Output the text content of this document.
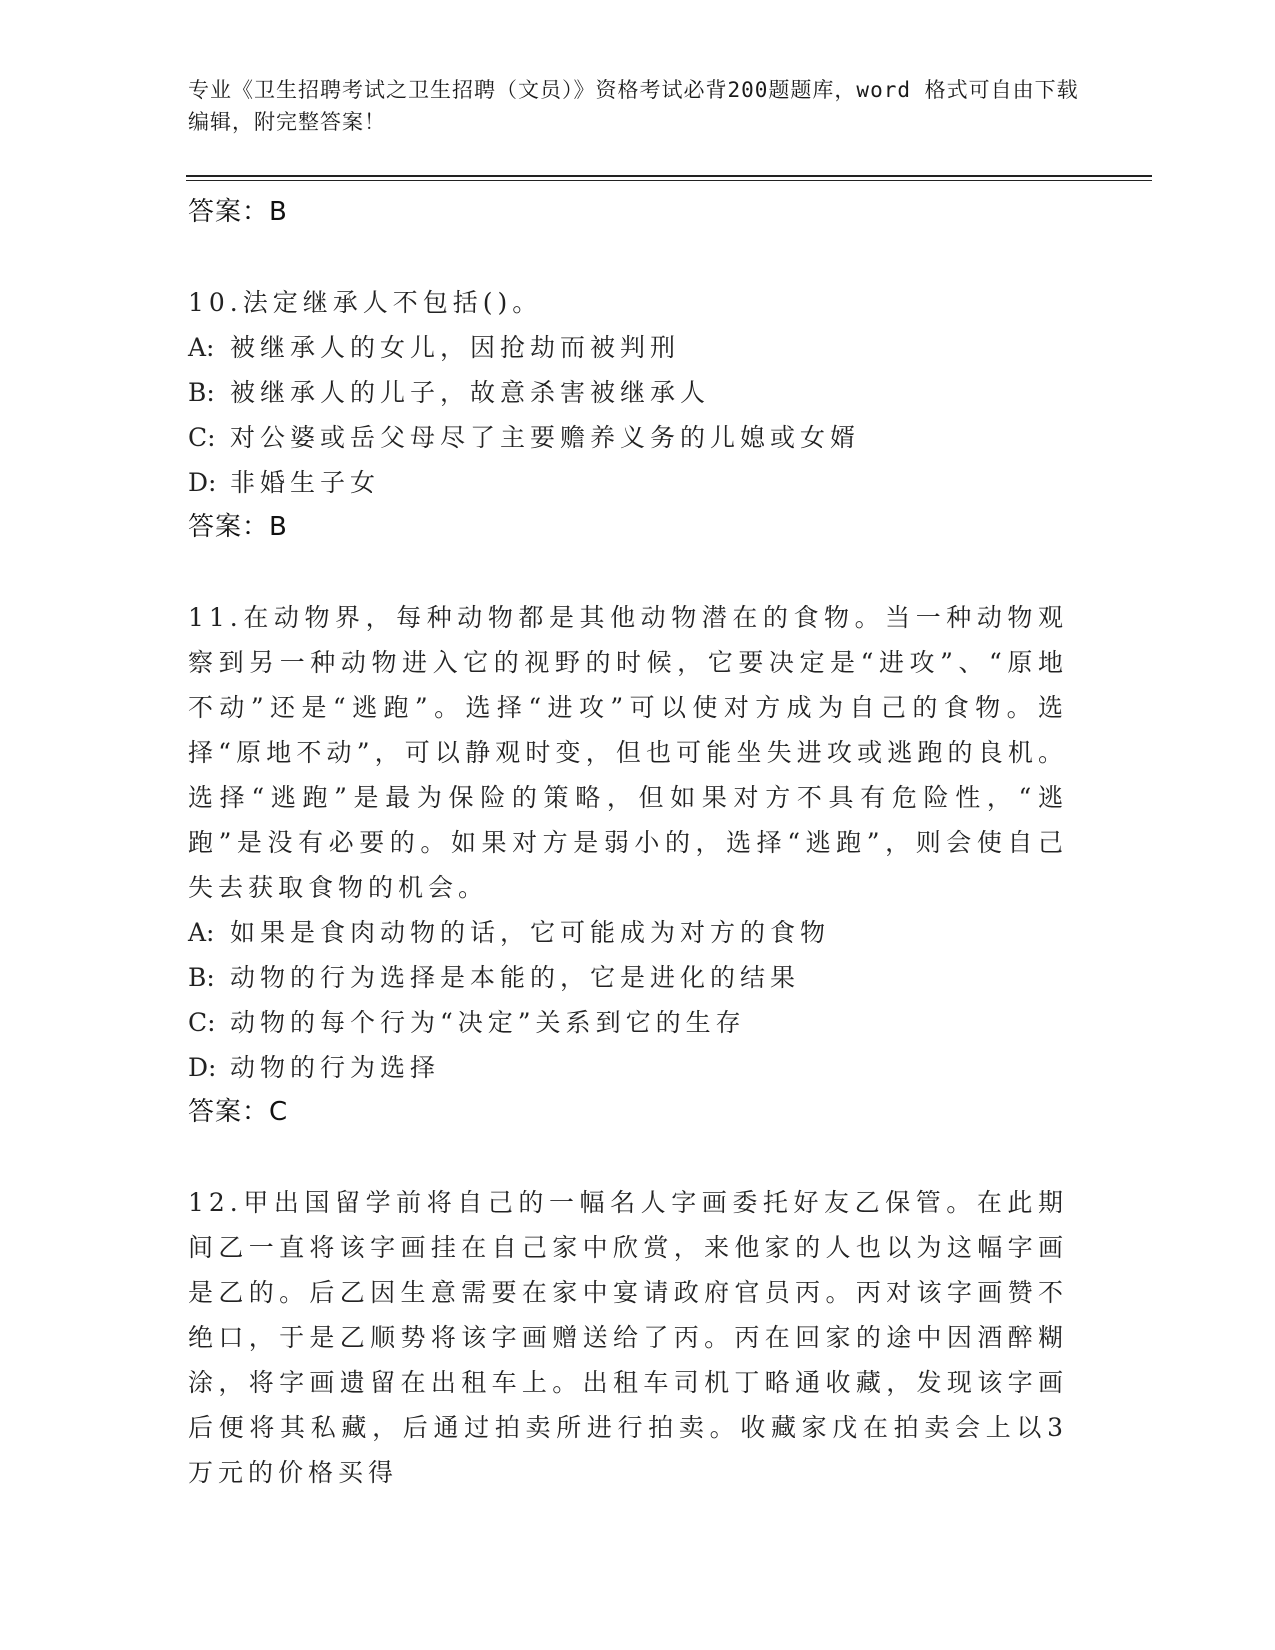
专业《卫生招聘考试之卫生招聘（文员）》资格考试必背200题题库，word 格式可自由下载编辑，附完整答案！
答案：B
10.法定继承人不包括()。
A: 被继承人的女儿，因抢劫而被判刑
B: 被继承人的儿子，故意杀害被继承人
C: 对公婆或岳父母尽了主要赡养义务的儿媳或女婿
D: 非婚生子女
答案：B
11.在动物界，每种动物都是其他动物潜在的食物。当一种动物观察到另一种动物进入它的视野的时候，它要决定是“进攻”、“原地不动”还是“逃跑”。选择“进攻”可以使对方成为自己的食物。选择“原地不动”，可以静观时变，但也可能坐失进攻或逃跑的良机。选择“逃跑”是最为保险的策略，但如果对方不具有危险性，“逃跑”是没有必要的。如果对方是弱小的，选择“逃跑”，则会使自己失去获取食物的机会。
A: 如果是食肉动物的话，它可能成为对方的食物
B: 动物的行为选择是本能的，它是进化的结果
C: 动物的每个行为“决定”关系到它的生存
D: 动物的行为选择
答案：C
12.甲出国留学前将自己的一幅名人字画委托好友乙保管。在此期间乙一直将该字画挂在自己家中欣赏，来他家的人也以为这幅字画是乙的。后乙因生意需要在家中宴请政府官员丙。丙对该字画赞不绝口，于是乙顺势将该字画赠送给了丙。丙在回家的途中因酒醉糊涂，将字画遗留在出租车上。出租车司机丁略通收藏，发现该字画后便将其私藏，后通过拍卖所进行拍卖。收藏家戊在拍卖会上以3万元的价格买得
